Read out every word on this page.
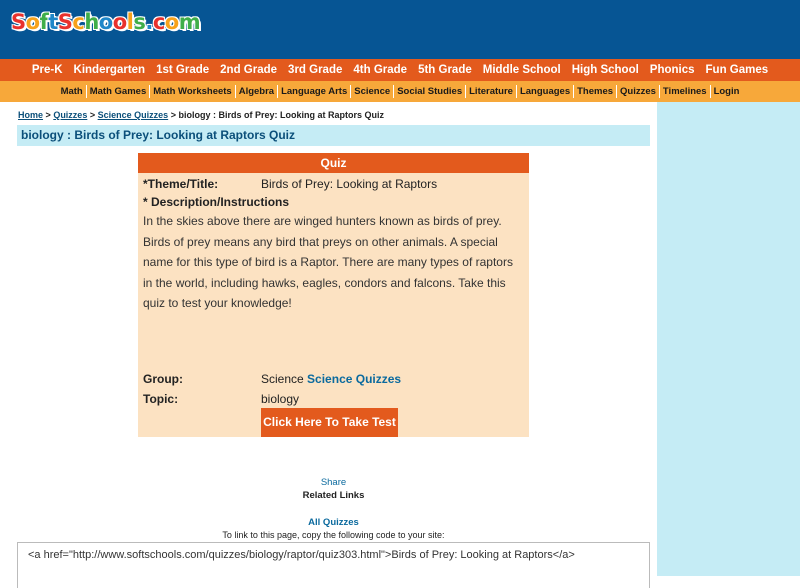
SoftSchools.com
Pre-K Kindergarten 1st Grade 2nd Grade 3rd Grade 4th Grade 5th Grade Middle School High School Phonics Fun Games
Math Math Games Math Worksheets Algebra Language Arts Science Social Studies Literature Languages Themes Quizzes Timelines Login
Home > Quizzes > Science Quizzes > biology : Birds of Prey: Looking at Raptors Quiz
biology : Birds of Prey: Looking at Raptors Quiz
Quiz
*Theme/Title:	Birds of Prey: Looking at Raptors
* Description/Instructions
In the skies above there are winged hunters known as birds of prey. Birds of prey means any bird that preys on other animals. A special name for this type of bird is a Raptor. There are many types of raptors in the world, including hawks, eagles, condors and falcons. Take this quiz to test your knowledge!
Group:	Science Science Quizzes
Topic:	biology
Click Here To Take Test
Share
Related Links
All Quizzes
To link to this page, copy the following code to your site:
<a href="http://www.softschools.com/quizzes/biology/raptor/quiz303.html">Birds of Prey: Looking at Raptors</a>
